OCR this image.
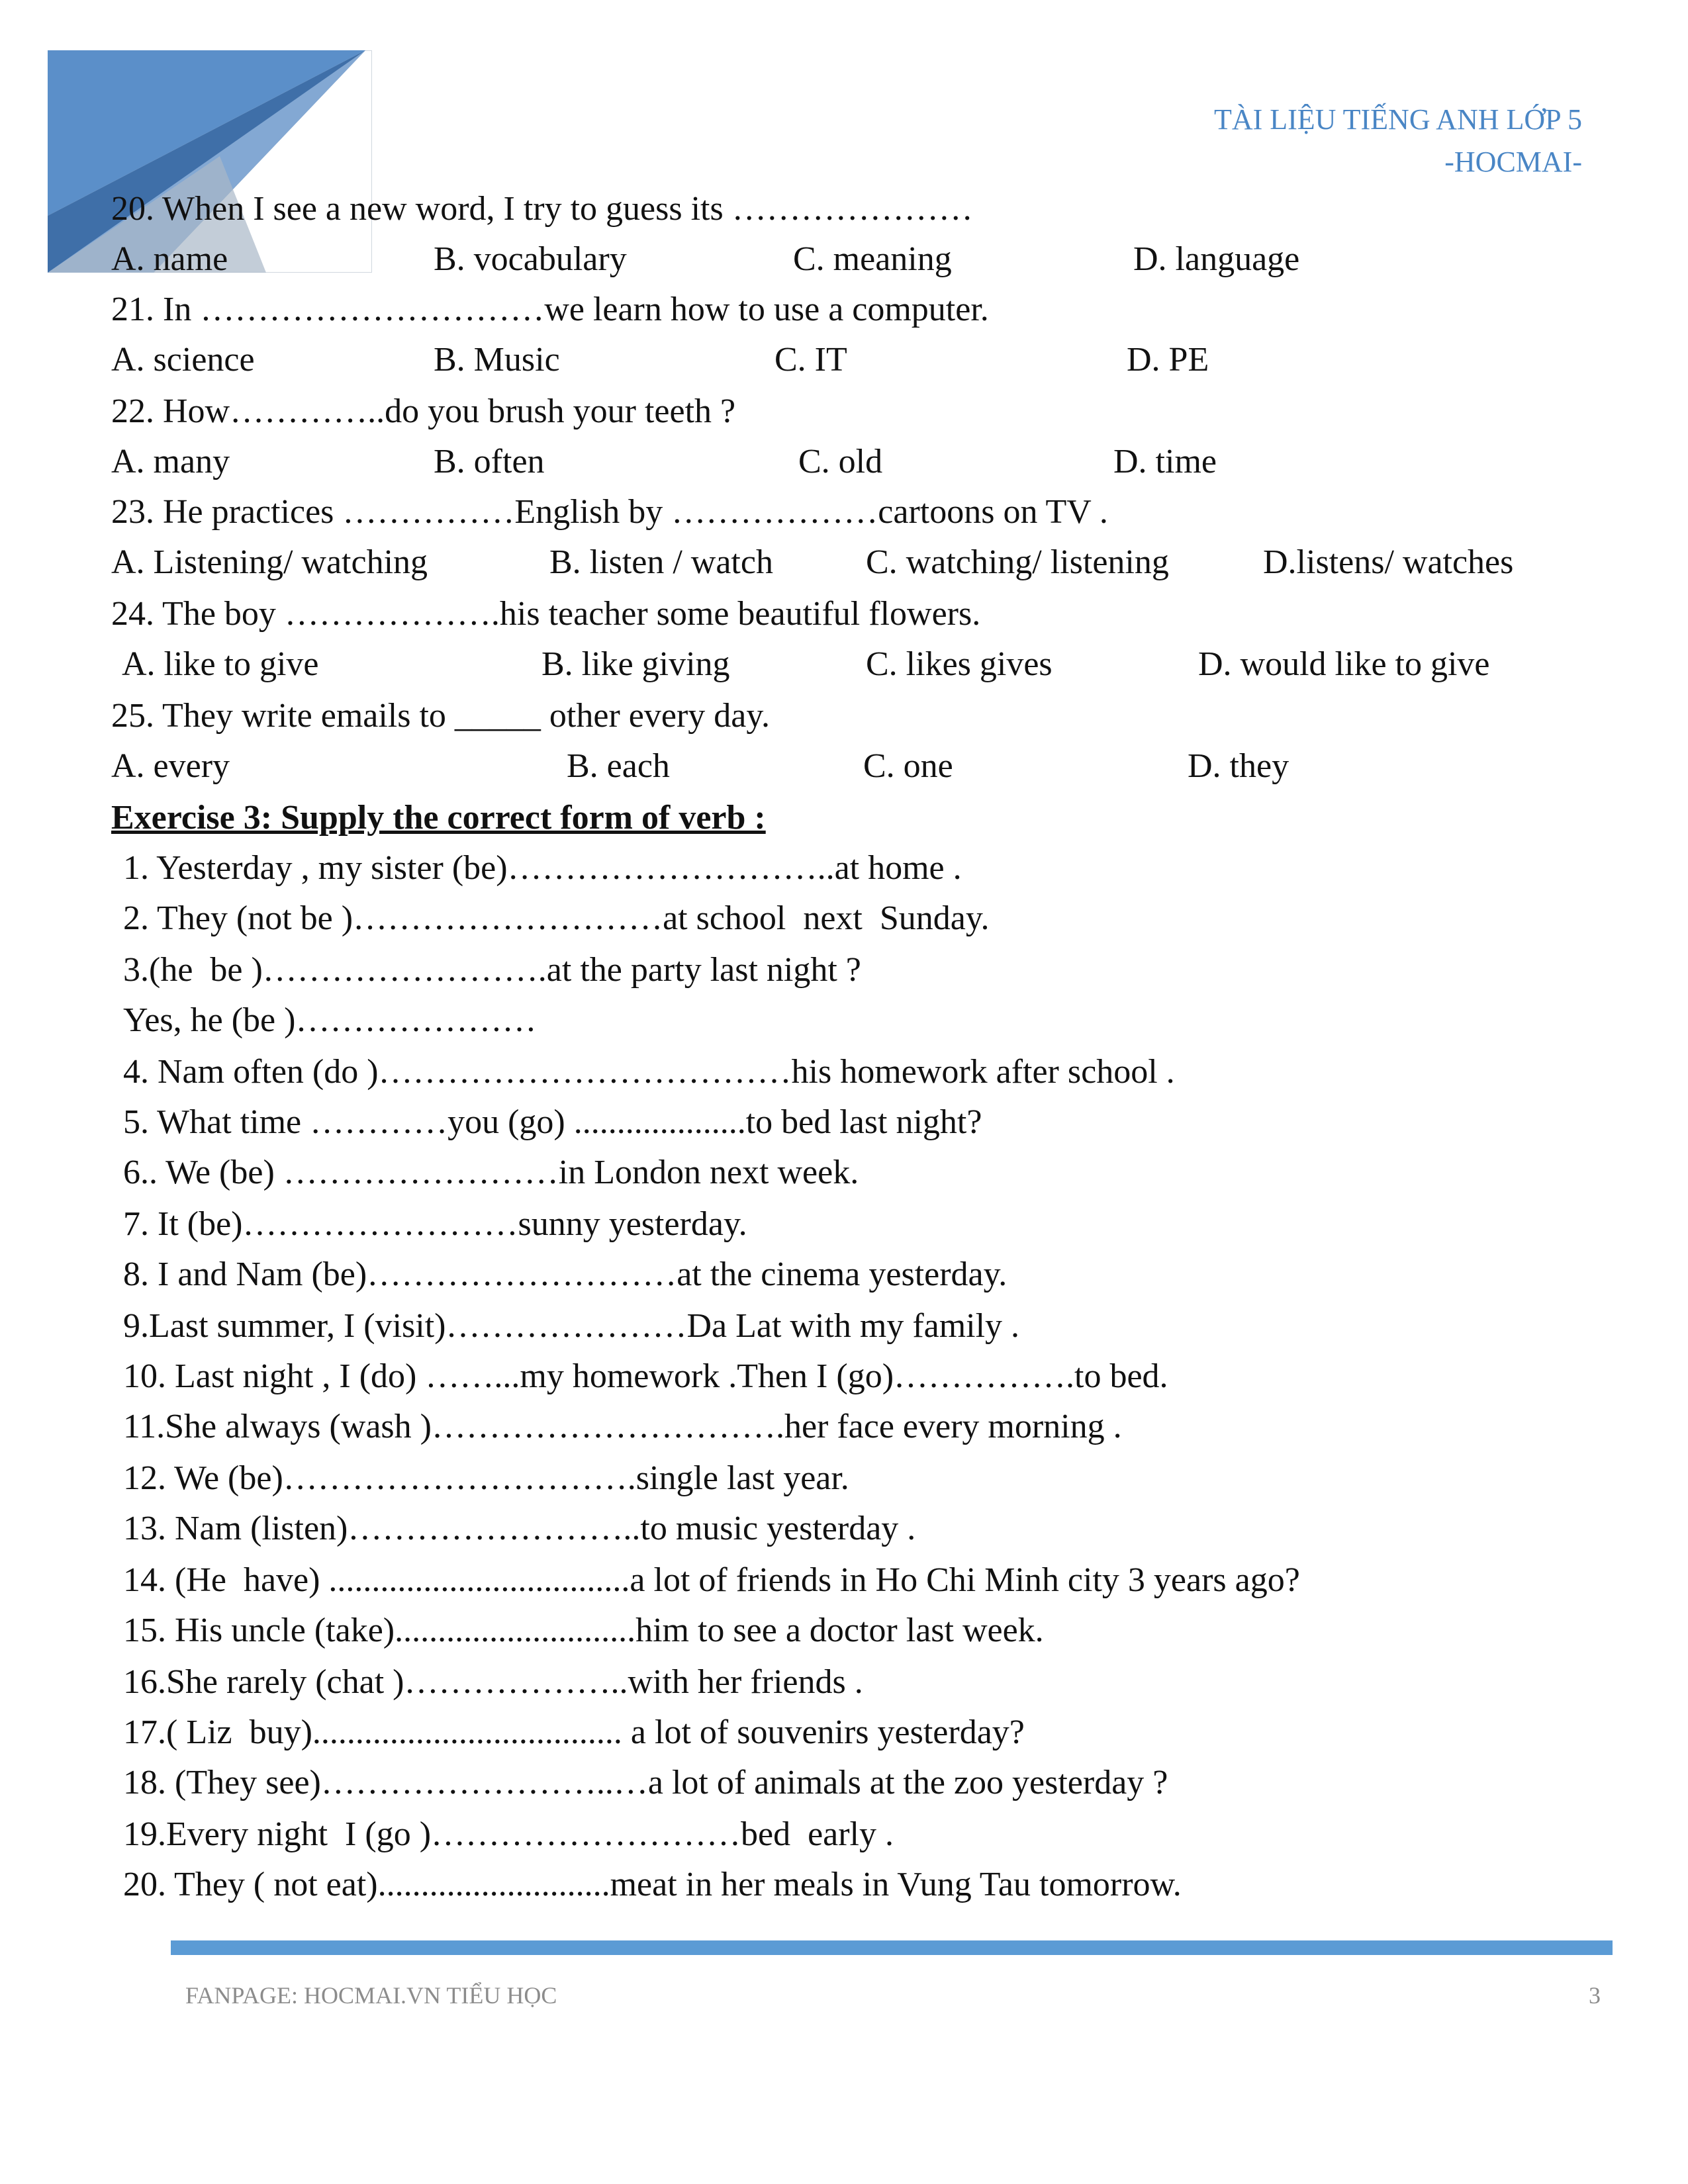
TÀI LIỆU TIẾNG ANH LỚP 5
-HOCMAI-
20. When I see a new word, I try to guess its …………………
A. name	B. vocabulary	C. meaning	D. language
21. In …………………………we learn how to use a computer.
A. science	B. Music	C. IT	D. PE
22. How…………..do you brush your teeth ?
A. many	B. often	C. old	D. time
23. He practices ……………English by ………………cartoons on TV .
A. Listening/ watching	B. listen / watch	C. watching/ listening	D.listens/ watches
24. The boy ……………….his teacher some beautiful flowers.
A. like to give	B. like giving	C. likes gives	D. would like to give
25. They write emails to _____ other every day.
A. every	B. each	C. one	D. they
Exercise 3: Supply the correct form of verb :
1. Yesterday , my sister (be)………………………..at home .
2. They (not be )………………………at school  next  Sunday.
3.(he  be )…………………….at the party last night ?
Yes, he (be )…………………
4. Nam often (do )………………………………his homework after school .
5. What time …………you (go) ....................to bed last night?
6.. We (be) ……………………in London next week.
7. It (be)……………………sunny yesterday.
8. I and Nam (be)………………………at the cinema yesterday.
9.Last summer, I (visit)…………………Da Lat with my family .
10. Last night , I (do) ……...my homework .Then I (go)…………….to bed.
11.She always (wash )………………………….her face every morning .
12. We (be)………………………….single last year.
13. Nam (listen)……………………..to music yesterday .
14. (He  have) ...................................a lot of friends in Ho Chi Minh city 3 years ago?
15. His uncle (take)............................him to see a doctor last week.
16.She rarely (chat )………………..with her friends .
17.( Liz  buy).................................... a lot of souvenirs yesterday?
18. (They see)……………………..…a lot of animals at the zoo yesterday ?
19.Every night  I (go )………………………bed  early .
20. They ( not eat)...........................meat in her meals in Vung Tau tomorrow.
FANPAGE: HOCMAI.VN TIỂU HỌC	3
